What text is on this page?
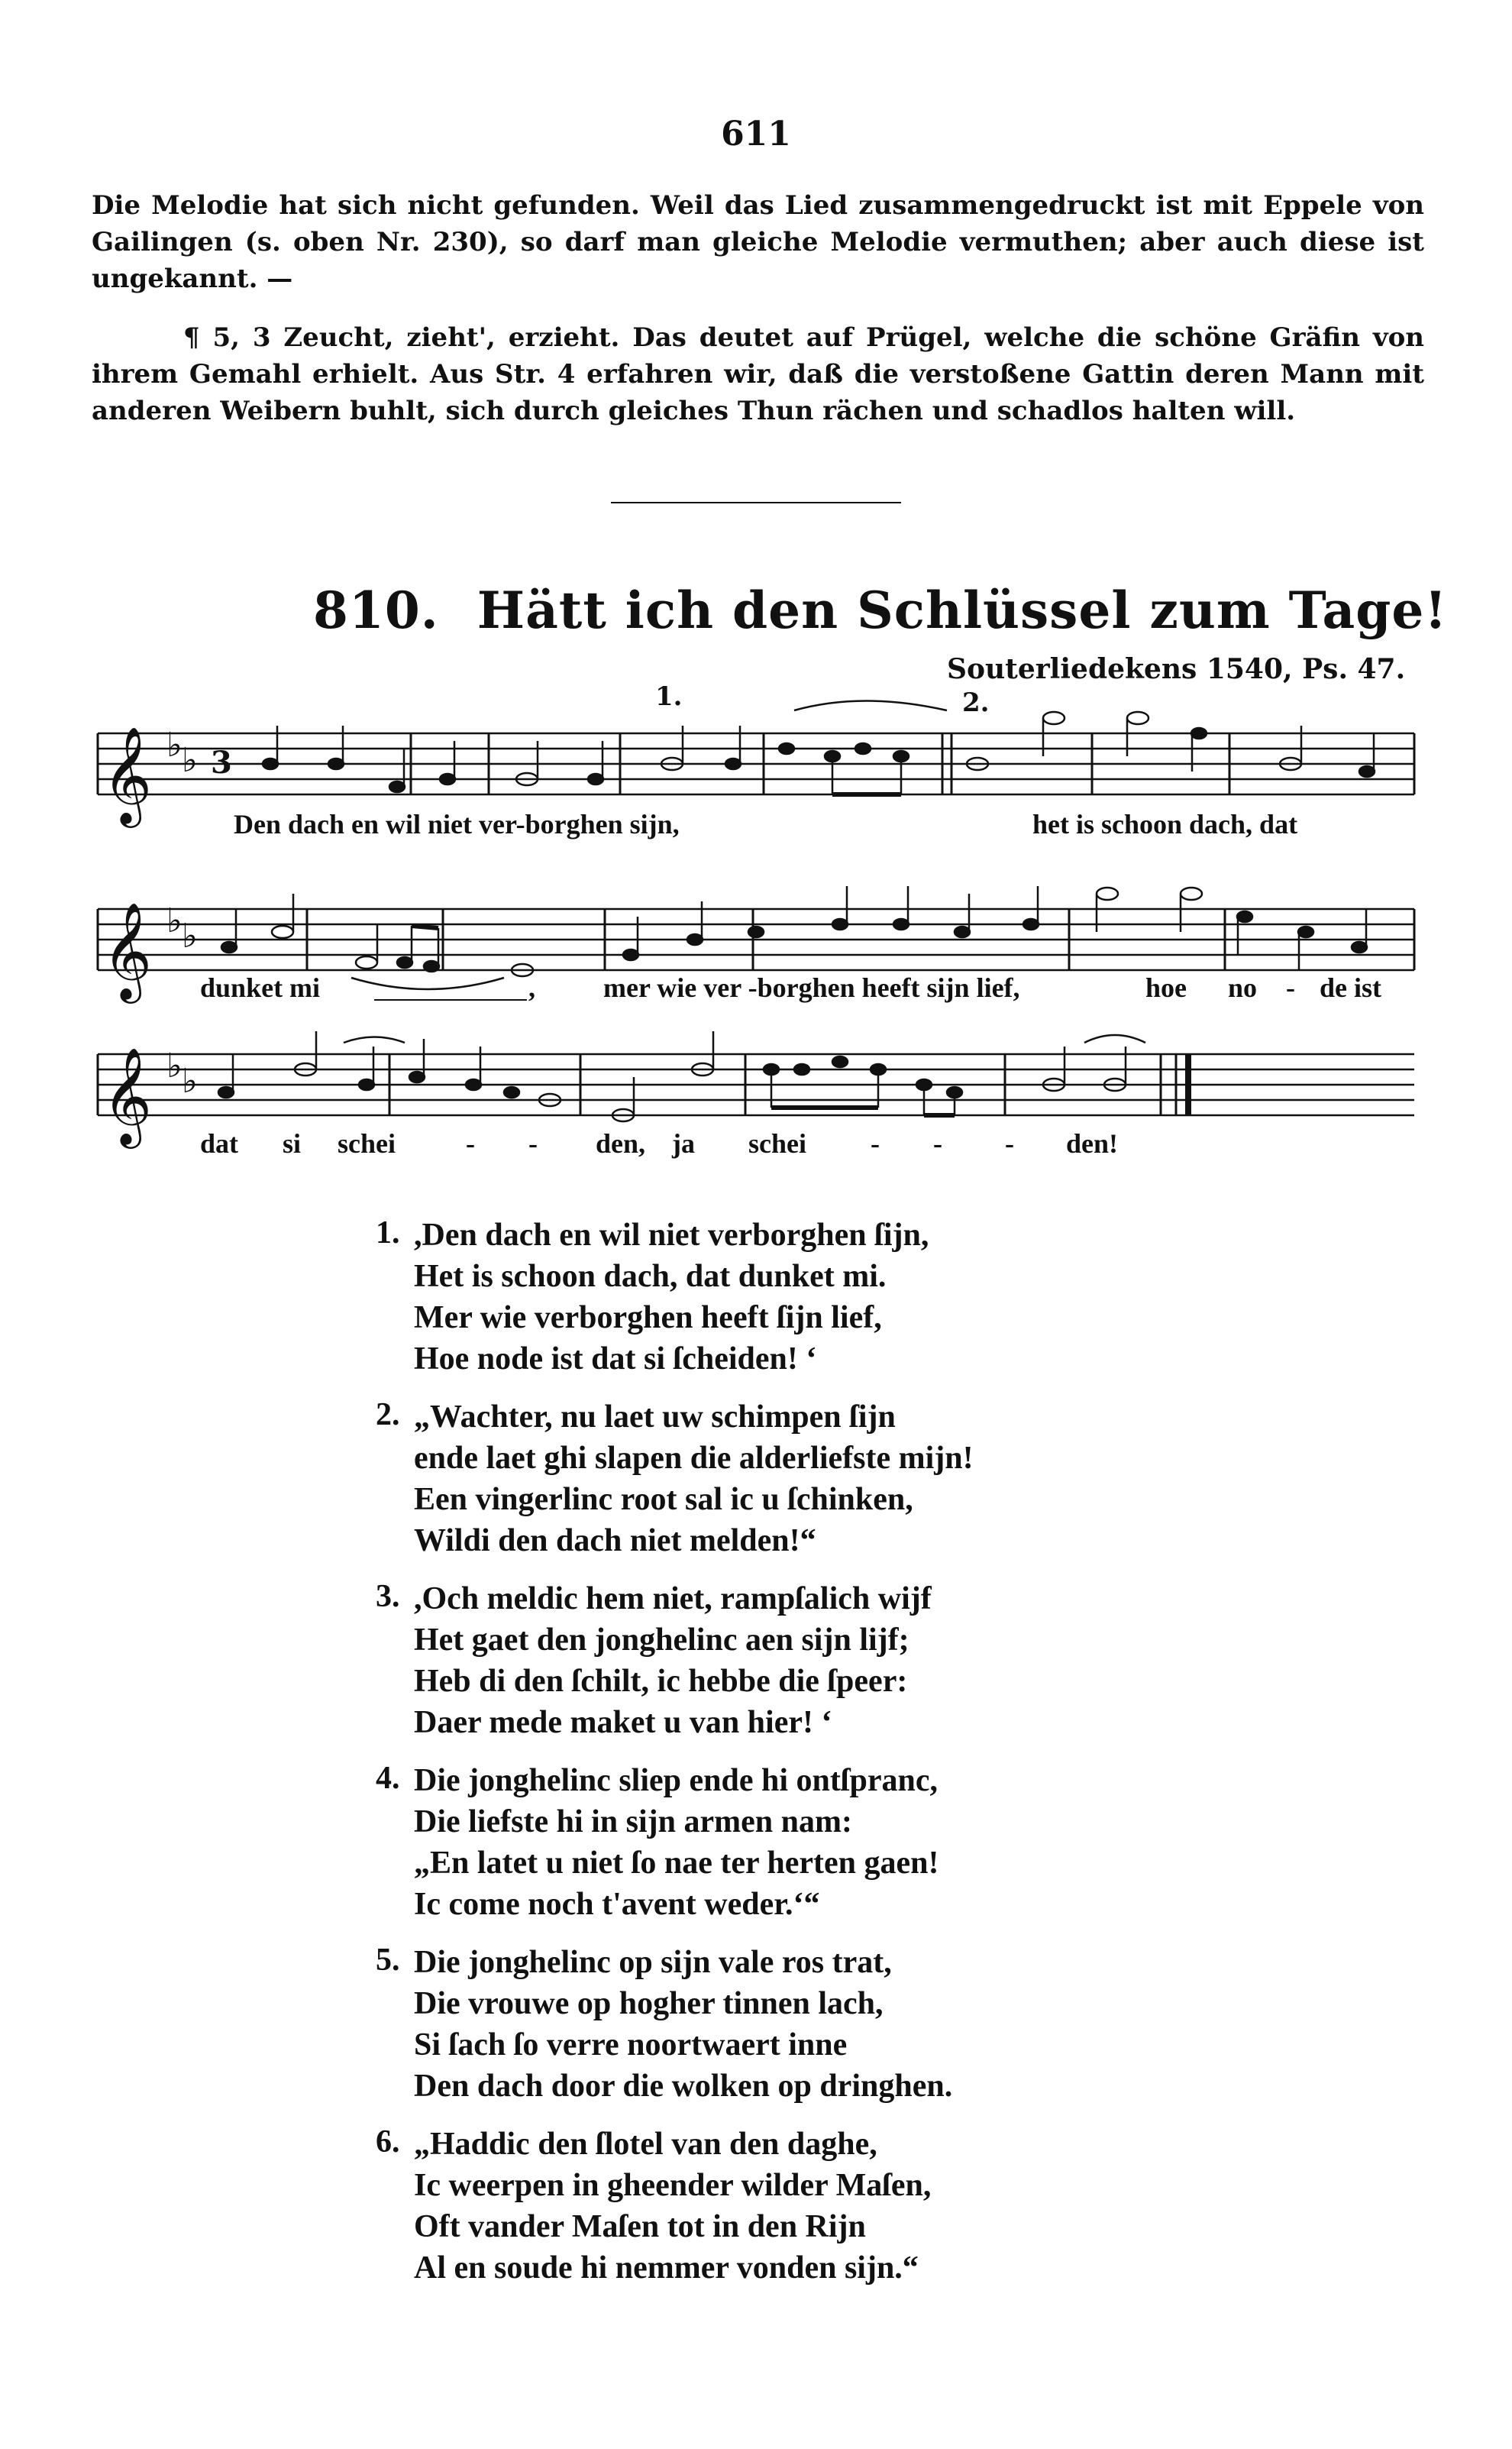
611

Die Melodie hat sich nicht gefunden. Weil das Lied zusammengedruckt ist mit Eppele von Gailingen (s. oben Nr. 230), so darf man gleiche Melodie vermuthen; aber auch diese ist ungekannt. —

¶ 5, 3 Zeucht, zieht', erzieht. Das deutet auf Prügel, welche die schöne Gräfin von ihrem Gemahl erhielt. Aus Str. 4 erfahren wir, daß die verstoßene Gattin deren Mann mit anderen Weibern buhlt, sich durch gleiches Thun rächen und schadlos halten will.

810. Hätt ich den Schlüssel zum Tage!
Souterliedekens 1540, Ps. 47.
1.	2.
𝄞
𝄞
𝄞
♭ ♭
♭ ♭
♭ ♭
3
Den dach en wil niet ver-borghen sijn,	het is schoon dach, dat
dunket mi	, mer wie ver -borghen heeft sijn lief,	hoe no - de ist
dat si schei	- - den, ja schei - - - den!
1. ,Den dach en wil niet verborghen ſijn,
Het is schoon dach, dat dunket mi.
Mer wie verborghen heeft ſijn lief,
Hoe node ist dat si ſcheiden! ‘
2. „Wachter, nu laet uw schimpen ſijn
ende laet ghi slapen die alderliefste mijn!
Een vingerlinc root sal ic u ſchinken,
Wildi den dach niet melden!“
3. ,Och meldic hem niet, rampſalich wijf
Het gaet den jonghelinc aen sijn lijf;
Heb di den ſchilt, ic hebbe die ſpeer:
Daer mede maket u van hier! ‘
4. Die jonghelinc sliep ende hi ontſpranc,
Die liefste hi in sijn armen nam:
„En latet u niet ſo nae ter herten gaen!
Ic come noch t'avent weder.‘“
5. Die jonghelinc op sijn vale ros trat,
Die vrouwe op hogher tinnen lach,
Si ſach ſo verre noortwaert inne
Den dach door die wolken op dringhen.
6. „Haddic den ſlotel van den daghe,
Ic weerpen in gheender wilder Maſen,
Oft vander Maſen tot in den Rijn
Al en soude hi nemmer vonden sijn.“
